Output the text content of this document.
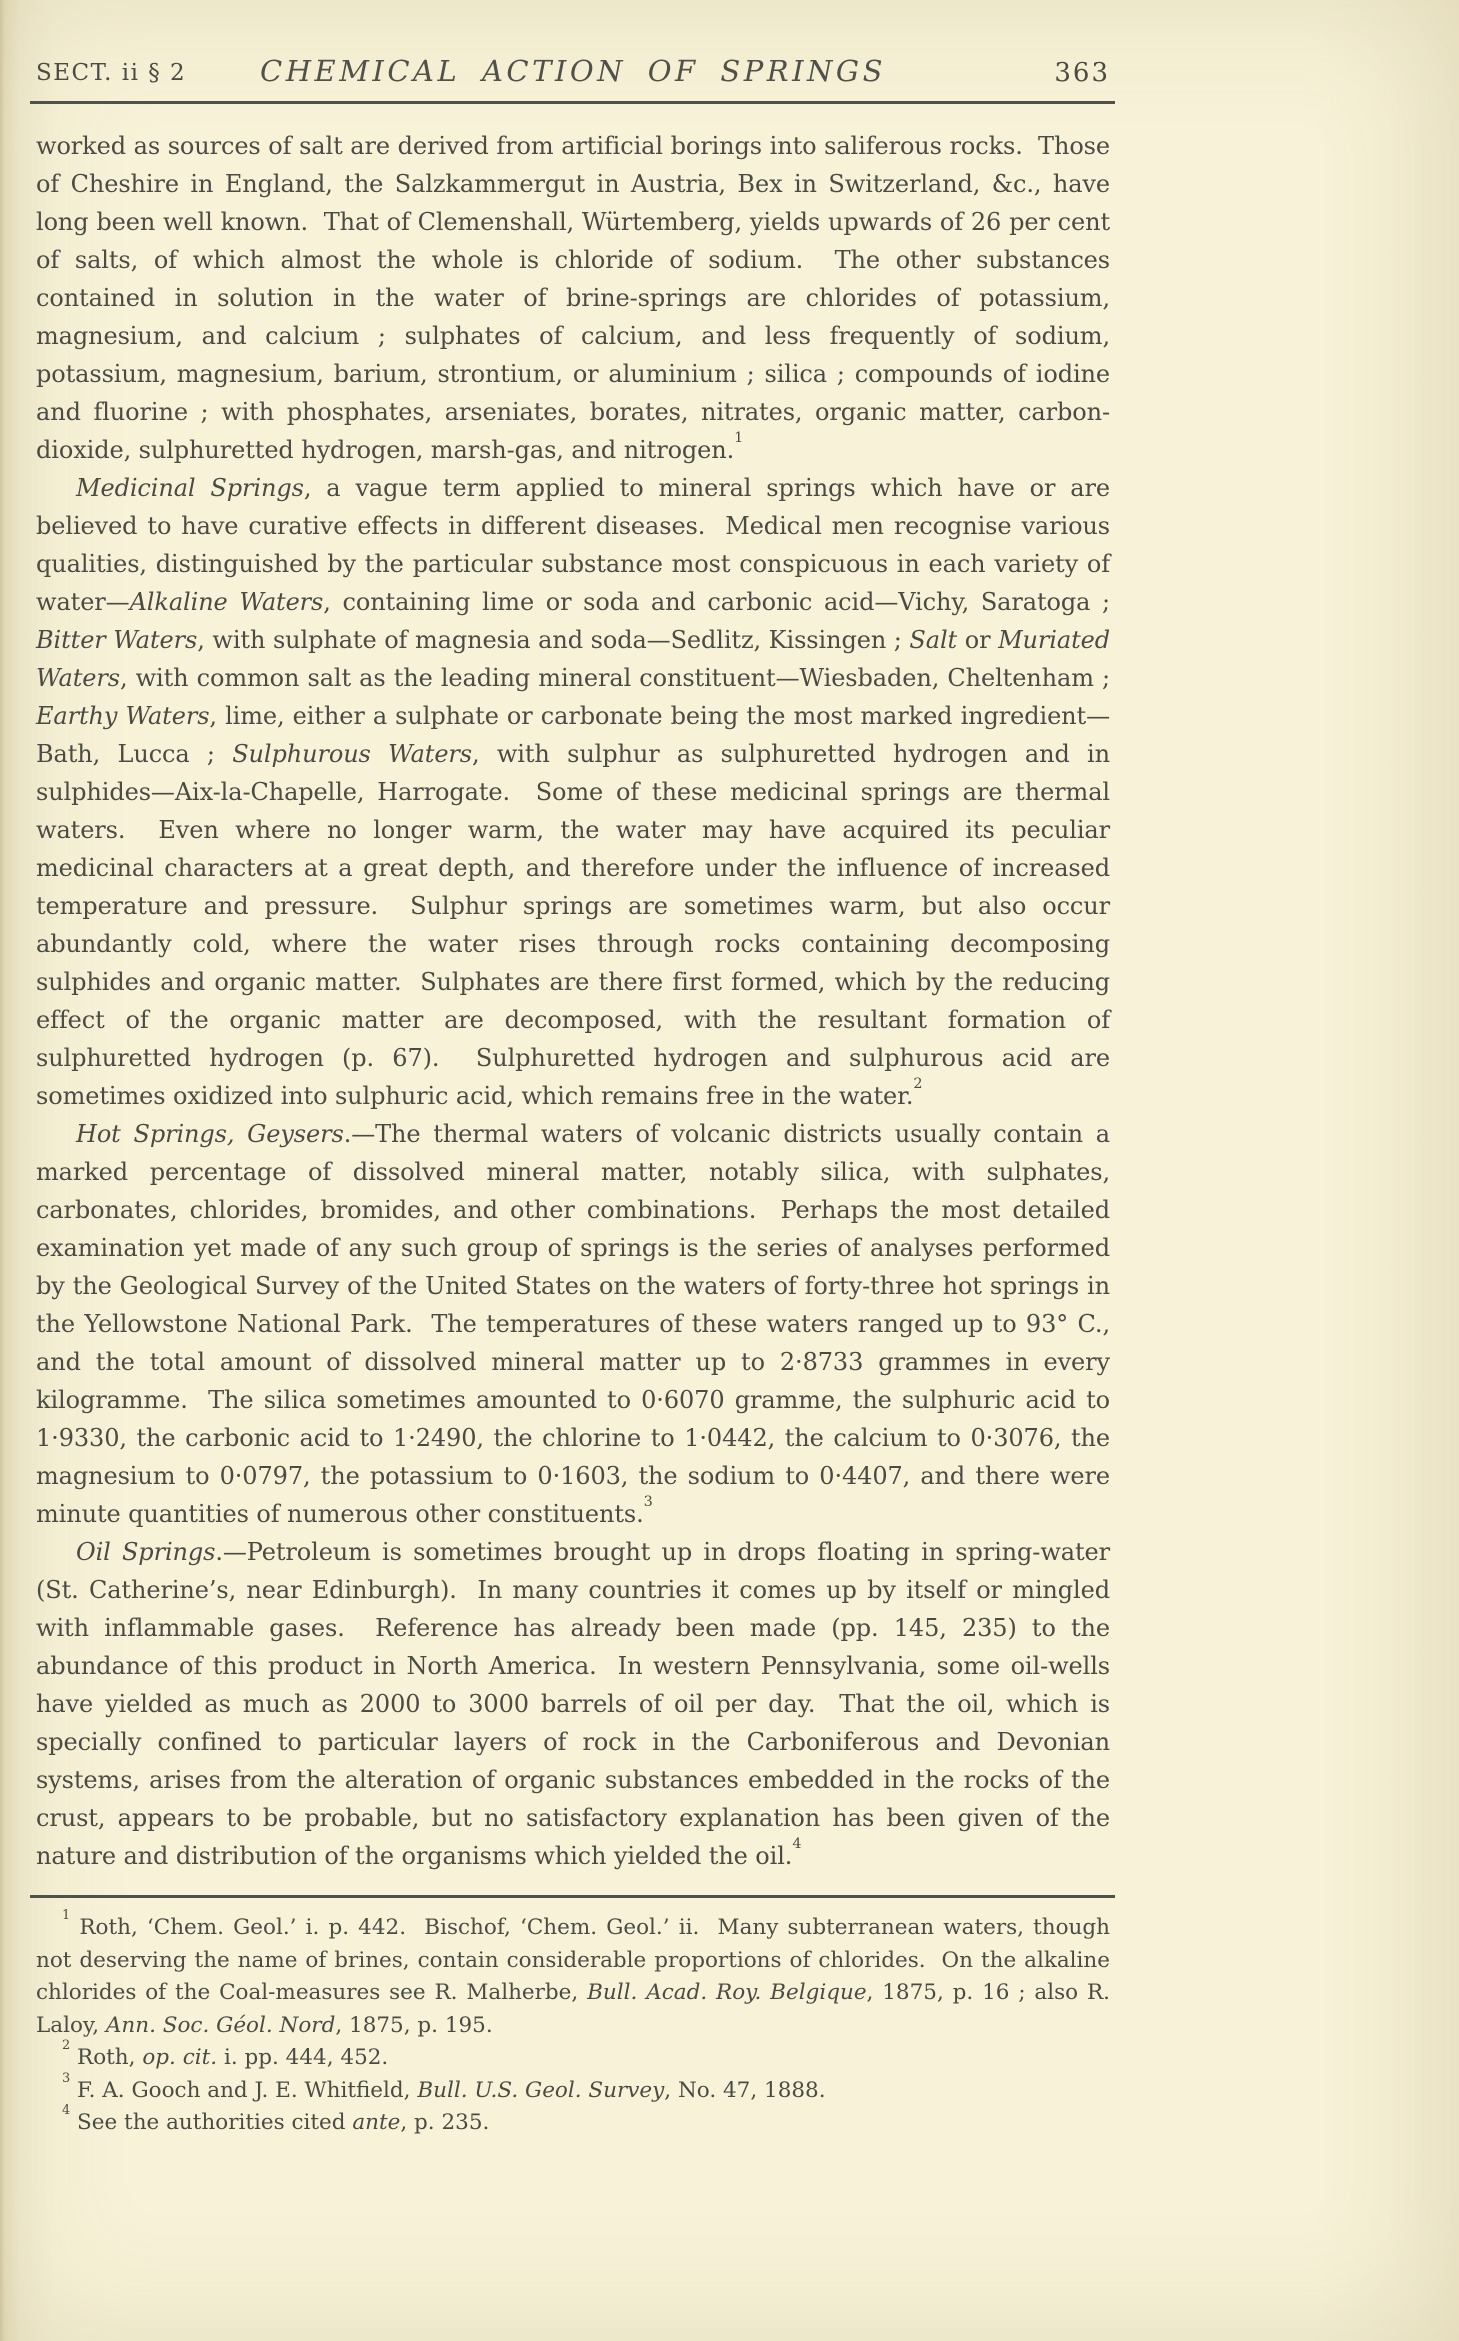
SECT. ii § 2	CHEMICAL ACTION OF SPRINGS	363

worked as sources of salt are derived from artificial borings into saliferous rocks.  Those of Cheshire in England, the Salzkammergut in Austria, Bex in Switzerland, &c., have long been well known.  That of Clemenshall, Würtemberg, yields upwards of 26 per cent of salts, of which almost the whole is chloride of sodium.  The other substances contained in solution in the water of brine-springs are chlorides of potassium, magnesium, and calcium ; sulphates of calcium, and less frequently of sodium, potassium, magnesium, barium, strontium, or aluminium ; silica ; compounds of iodine and fluorine ; with phosphates, arseniates, borates, nitrates, organic matter, carbon-dioxide, sulphuretted hydrogen, marsh-gas, and nitrogen.$^1$

Medicinal Springs, a vague term applied to mineral springs which have or are believed to have curative effects in different diseases.  Medical men recognise various qualities, distinguished by the particular substance most conspicuous in each variety of water—Alkaline Waters, containing lime or soda and carbonic acid—Vichy, Saratoga ; Bitter Waters, with sulphate of magnesia and soda—Sedlitz, Kissingen ; Salt or Muriated Waters, with common salt as the leading mineral constituent—Wiesbaden, Cheltenham ; Earthy Waters, lime, either a sulphate or carbonate being the most marked ingredient—Bath, Lucca ; Sulphurous Waters, with sulphur as sulphuretted hydrogen and in sulphides—Aix-la-Chapelle, Harrogate.  Some of these medicinal springs are thermal waters.  Even where no longer warm, the water may have acquired its peculiar medicinal characters at a great depth, and therefore under the influence of increased temperature and pressure.  Sulphur springs are sometimes warm, but also occur abundantly cold, where the water rises through rocks containing decomposing sulphides and organic matter.  Sulphates are there first formed, which by the reducing effect of the organic matter are decomposed, with the resultant formation of sulphuretted hydrogen (p. 67).  Sulphuretted hydrogen and sulphurous acid are sometimes oxidized into sulphuric acid, which remains free in the water.$^2$

Hot Springs, Geysers.—The thermal waters of volcanic districts usually contain a marked percentage of dissolved mineral matter, notably silica, with sulphates, carbonates, chlorides, bromides, and other combinations.  Perhaps the most detailed examination yet made of any such group of springs is the series of analyses performed by the Geological Survey of the United States on the waters of forty-three hot springs in the Yellowstone National Park.  The temperatures of these waters ranged up to 93° C., and the total amount of dissolved mineral matter up to 2·8733 grammes in every kilogramme.  The silica sometimes amounted to 0·6070 gramme, the sulphuric acid to 1·9330, the carbonic acid to 1·2490, the chlorine to 1·0442, the calcium to 0·3076, the magnesium to 0·0797, the potassium to 0·1603, the sodium to 0·4407, and there were minute quantities of numerous other constituents.$^3$

Oil Springs.—Petroleum is sometimes brought up in drops floating in spring-water (St. Catherine’s, near Edinburgh).  In many countries it comes up by itself or mingled with inflammable gases.  Reference has already been made (pp. 145, 235) to the abundance of this product in North America.  In western Pennsylvania, some oil-wells have yielded as much as 2000 to 3000 barrels of oil per day.  That the oil, which is specially confined to particular layers of rock in the Carboniferous and Devonian systems, arises from the alteration of organic substances embedded in the rocks of the crust, appears to be probable, but no satisfactory explanation has been given of the nature and distribution of the organisms which yielded the oil.$^4$

$^1$ Roth, ‘Chem. Geol.’ i. p. 442.  Bischof, ‘Chem. Geol.’ ii.  Many subterranean waters, though not deserving the name of brines, contain considerable proportions of chlorides.  On the alkaline chlorides of the Coal-measures see R. Malherbe, Bull. Acad. Roy. Belgique, 1875, p. 16 ; also R. Laloy, Ann. Soc. Géol. Nord, 1875, p. 195.

$^2$ Roth, op. cit. i. pp. 444, 452.

$^3$ F. A. Gooch and J. E. Whitfield, Bull. U.S. Geol. Survey, No. 47, 1888.

$^4$ See the authorities cited ante, p. 235.
